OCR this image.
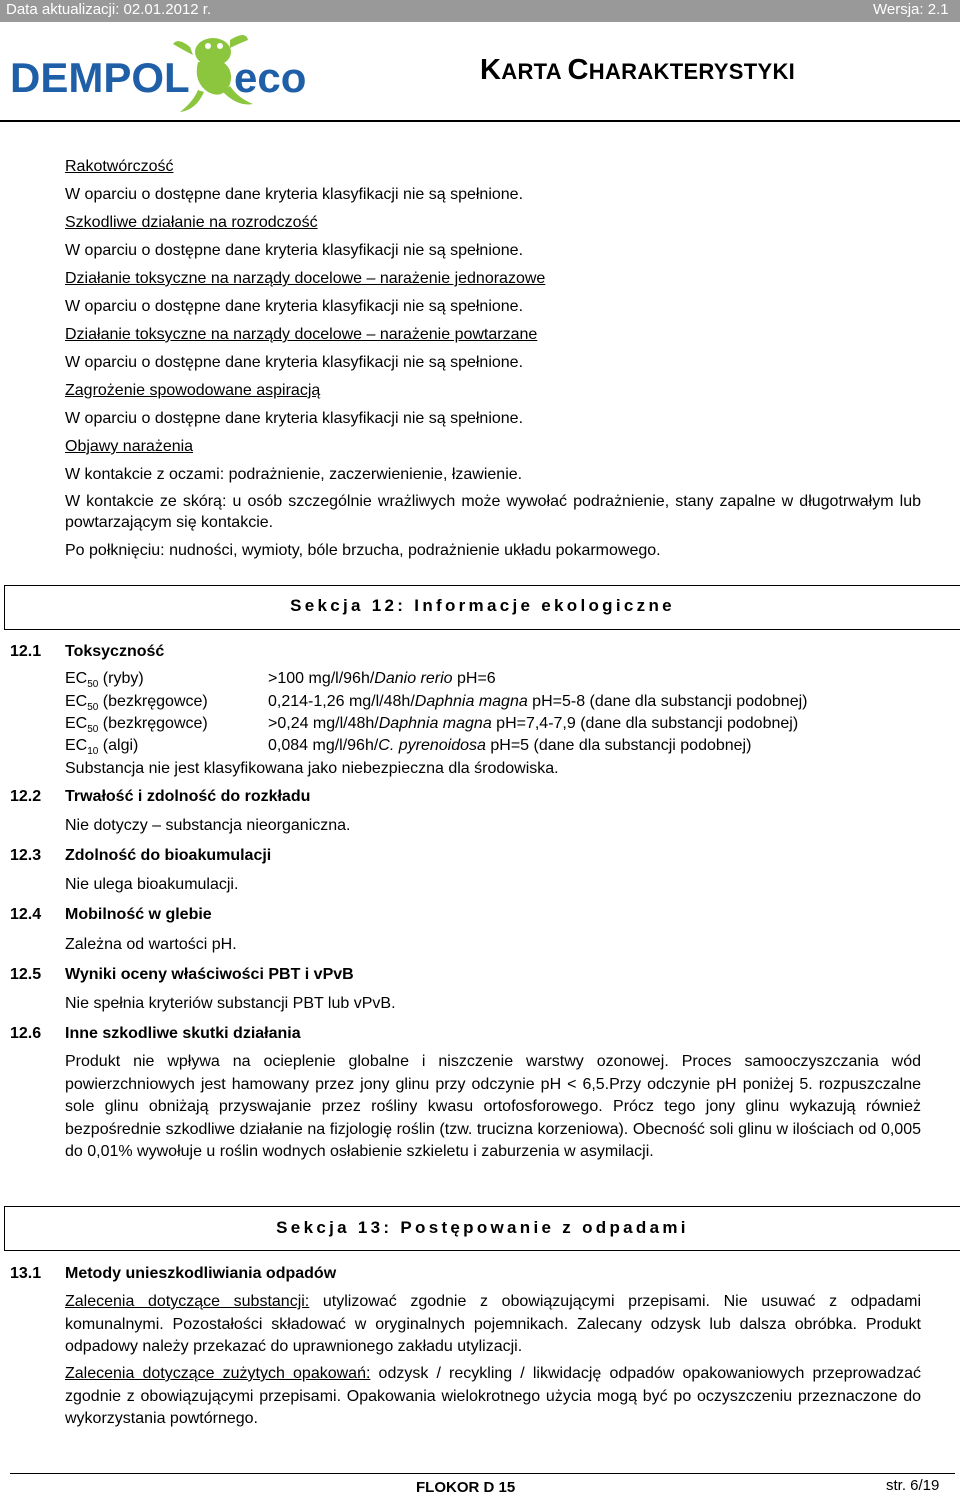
Data aktualizacji: 02.01.2012 r.	Wersja: 2.1
DEMPOL eco	KARTA CHARAKTERYSTYKI
Rakotwórczość
W oparciu o dostępne dane kryteria klasyfikacji nie są spełnione.
Szkodliwe działanie na rozrodczość
W oparciu o dostępne dane kryteria klasyfikacji nie są spełnione.
Działanie toksyczne na narządy docelowe – narażenie jednorazowe
W oparciu o dostępne dane kryteria klasyfikacji nie są spełnione.
Działanie toksyczne na narządy docelowe – narażenie powtarzane
W oparciu o dostępne dane kryteria klasyfikacji nie są spełnione.
Zagrożenie spowodowane aspiracją
W oparciu o dostępne dane kryteria klasyfikacji nie są spełnione.
Objawy narażenia
W kontakcie z oczami: podrażnienie, zaczerwienienie, łzawienie.
W kontakcie ze skórą: u osób szczególnie wrażliwych może wywołać podrażnienie, stany zapalne w długotrwałym lub powtarzającym się kontakcie.
Po połknięciu: nudności, wymioty, bóle brzucha, podrażnienie układu pokarmowego.
Sekcja 12: Informacje ekologiczne
12.1 Toksyczność
$EC_{50}$ (ryby)	>100 mg/l/96h/Danio rerio pH=6
$EC_{50}$ (bezkręgowce)	0,214-1,26 mg/l/48h/Daphnia magna pH=5-8 (dane dla substancji podobnej)
$EC_{50}$ (bezkręgowce)	>0,24 mg/l/48h/Daphnia magna pH=7,4-7,9 (dane dla substancji podobnej)
$EC_{10}$ (algi)	0,084 mg/l/96h/C. pyrenoidosa pH=5 (dane dla substancji podobnej)
Substancja nie jest klasyfikowana jako niebezpieczna dla środowiska.
12.2 Trwałość i zdolność do rozkładu
Nie dotyczy – substancja nieorganiczna.
12.3 Zdolność do bioakumulacji
Nie ulega bioakumulacji.
12.4 Mobilność w glebie
Zależna od wartości pH.
12.5 Wyniki oceny właściwości PBT i vPvB
Nie spełnia kryteriów substancji PBT lub vPvB.
12.6 Inne szkodliwe skutki działania
Produkt nie wpływa na ocieplenie globalne i niszczenie warstwy ozonowej. Proces samooczyszczania wód powierzchniowych jest hamowany przez jony glinu przy odczynie pH < 6,5.Przy odczynie pH poniżej 5. rozpuszczalne sole glinu obniżają przyswajanie przez rośliny kwasu ortofosforowego. Prócz tego jony glinu wykazują również bezpośrednie szkodliwe działanie na fizjologię roślin (tzw. trucizna korzeniowa). Obecność soli glinu w ilościach od 0,005 do 0,01% wywołuje u roślin wodnych osłabienie szkieletu i zaburzenia w asymilacji.
Sekcja 13: Postępowanie z odpadami
13.1 Metody unieszkodliwiania odpadów
Zalecenia dotyczące substancji: utylizować zgodnie z obowiązującymi przepisami. Nie usuwać z odpadami komunalnymi. Pozostałości składować w oryginalnych pojemnikach. Zalecany odzysk lub dalsza obróbka. Produkt odpadowy należy przekazać do uprawnionego zakładu utylizacji.
Zalecenia dotyczące zużytych opakowań: odzysk / recykling / likwidację odpadów opakowaniowych przeprowadzać zgodnie z obowiązującymi przepisami. Opakowania wielokrotnego użycia mogą być po oczyszczeniu przeznaczone do wykorzystania powtórnego.
FLOKOR D 15	str. 6/19
